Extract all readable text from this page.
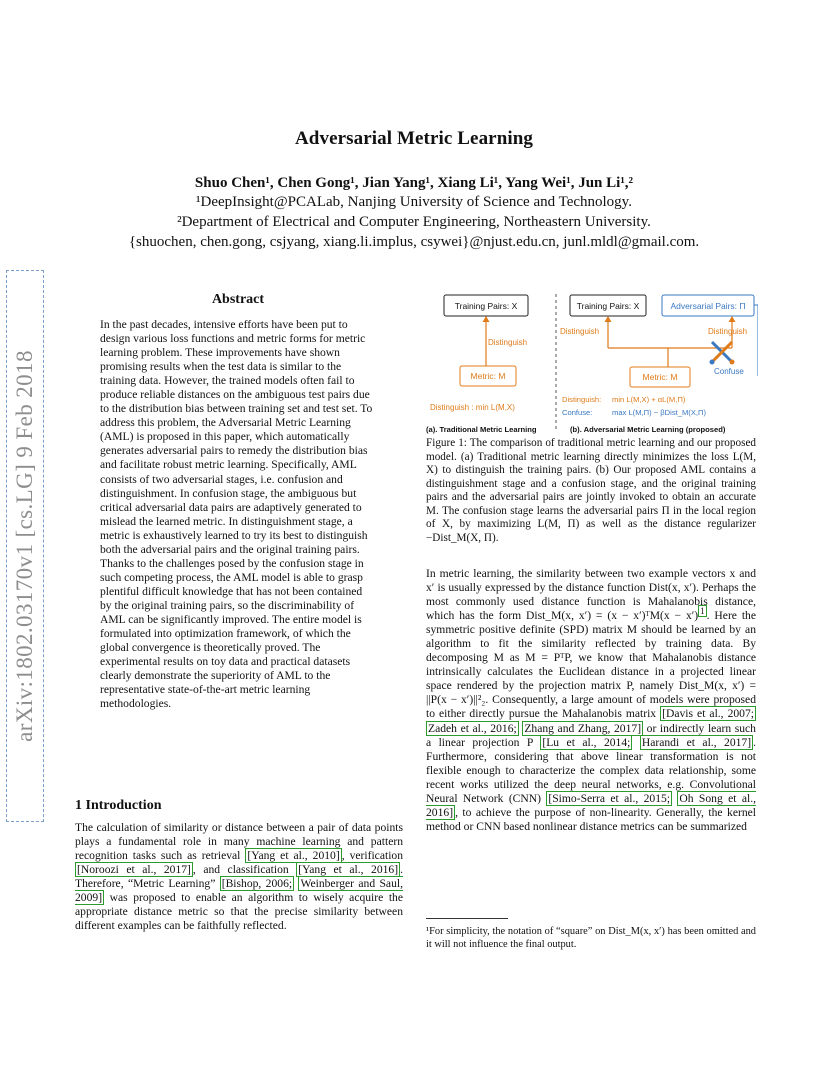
Adversarial Metric Learning
Shuo Chen¹, Chen Gong¹, Jian Yang¹, Xiang Li¹, Yang Wei¹, Jun Li¹,²
¹DeepInsight@PCALab, Nanjing University of Science and Technology.
²Department of Electrical and Computer Engineering, Northeastern University.
{shuochen, chen.gong, csjyang, xiang.li.implus, csywei}@njust.edu.cn, junl.mldl@gmail.com.
arXiv:1802.03170v1 [cs.LG] 9 Feb 2018
Abstract
In the past decades, intensive efforts have been put to design various loss functions and metric forms for metric learning problem. These improvements have shown promising results when the test data is similar to the training data. However, the trained models often fail to produce reliable distances on the ambiguous test pairs due to the distribution bias between training set and test set. To address this problem, the Adversarial Metric Learning (AML) is proposed in this paper, which automatically generates adversarial pairs to remedy the distribution bias and facilitate robust metric learning. Specifically, AML consists of two adversarial stages, i.e. confusion and distinguishment. In confusion stage, the ambiguous but critical adversarial data pairs are adaptively generated to mislead the learned metric. In distinguishment stage, a metric is exhaustively learned to try its best to distinguish both the adversarial pairs and the original training pairs. Thanks to the challenges posed by the confusion stage in such competing process, the AML model is able to grasp plentiful difficult knowledge that has not been contained by the original training pairs, so the discriminability of AML can be significantly improved. The entire model is formulated into optimization framework, of which the global convergence is theoretically proved. The experimental results on toy data and practical datasets clearly demonstrate the superiority of AML to the representative state-of-the-art metric learning methodologies.
1 Introduction
The calculation of similarity or distance between a pair of data points plays a fundamental role in many machine learning and pattern recognition tasks such as retrieval [Yang et al., 2010] , verification [Noroozi et al., 2017] , and classification [Yang et al., 2016] . Therefore, “Metric Learning” [Bishop, 2006; Weinberger and Saul, 2009] was proposed to enable an algorithm to wisely acquire the appropriate distance metric so that the precise similarity between different examples can be faithfully reflected.
Training Pairs: X
Distinguish
Metric: M
Distinguish : min L(M,X)
(a). Traditional Metric Learning
Training Pairs: X	Adversarial Pairs: Π
Distinguish	Distinguish
Confuse
Metric: M
Distinguish: min L(M,X) + αL(M,Π)
Confuse:	max L(M,Π) − βDist_M(X,Π)
(b). Adversarial Metric Learning (proposed)
Figure 1: The comparison of traditional metric learning and our proposed model. (a) Traditional metric learning directly minimizes the loss L(M, X) to distinguish the training pairs. (b) Our proposed AML contains a distinguishment stage and a confusion stage, and the original training pairs and the adversarial pairs are jointly invoked to obtain an accurate M. The confusion stage learns the adversarial pairs Π in the local region of X, by maximizing L(M, Π) as well as the distance regularizer −Dist_M(X, Π).
In metric learning, the similarity between two example vectors x and x′ is usually expressed by the distance function Dist(x, x′). Perhaps the most commonly used distance function is Mahalanobis distance, which has the form Dist_M(x, x′) = (x − x′)ᵀM(x − x′) $^1$ . Here the symmetric positive definite (SPD) matrix M should be learned by an algorithm to fit the similarity reflected by training data. By decomposing M as M = PᵀP, we know that Mahalanobis distance intrinsically calculates the Euclidean distance in a projected linear space rendered by the projection matrix P, namely Dist_M(x, x′) = ||P(x − x′)||²₂. Consequently, a large amount of models were proposed to either directly pursue the Mahalanobis matrix [Davis et al., 2007; Zadeh et al., 2016; Zhang and Zhang, 2017] or indirectly learn such a linear projection P [Lu et al., 2014; Harandi et al., 2017] . Furthermore, considering that above linear transformation is not flexible enough to characterize the complex data relationship, some recent works utilized the deep neural networks, e.g. Convolutional Neural Network (CNN) [Simo-Serra et al., 2015; Oh Song et al., 2016] , to achieve the purpose of non-linearity. Generally, the kernel method or CNN based nonlinear distance metrics can be summarized
¹For simplicity, the notation of “square” on Dist_M(x, x′) has been omitted and it will not influence the final output.
